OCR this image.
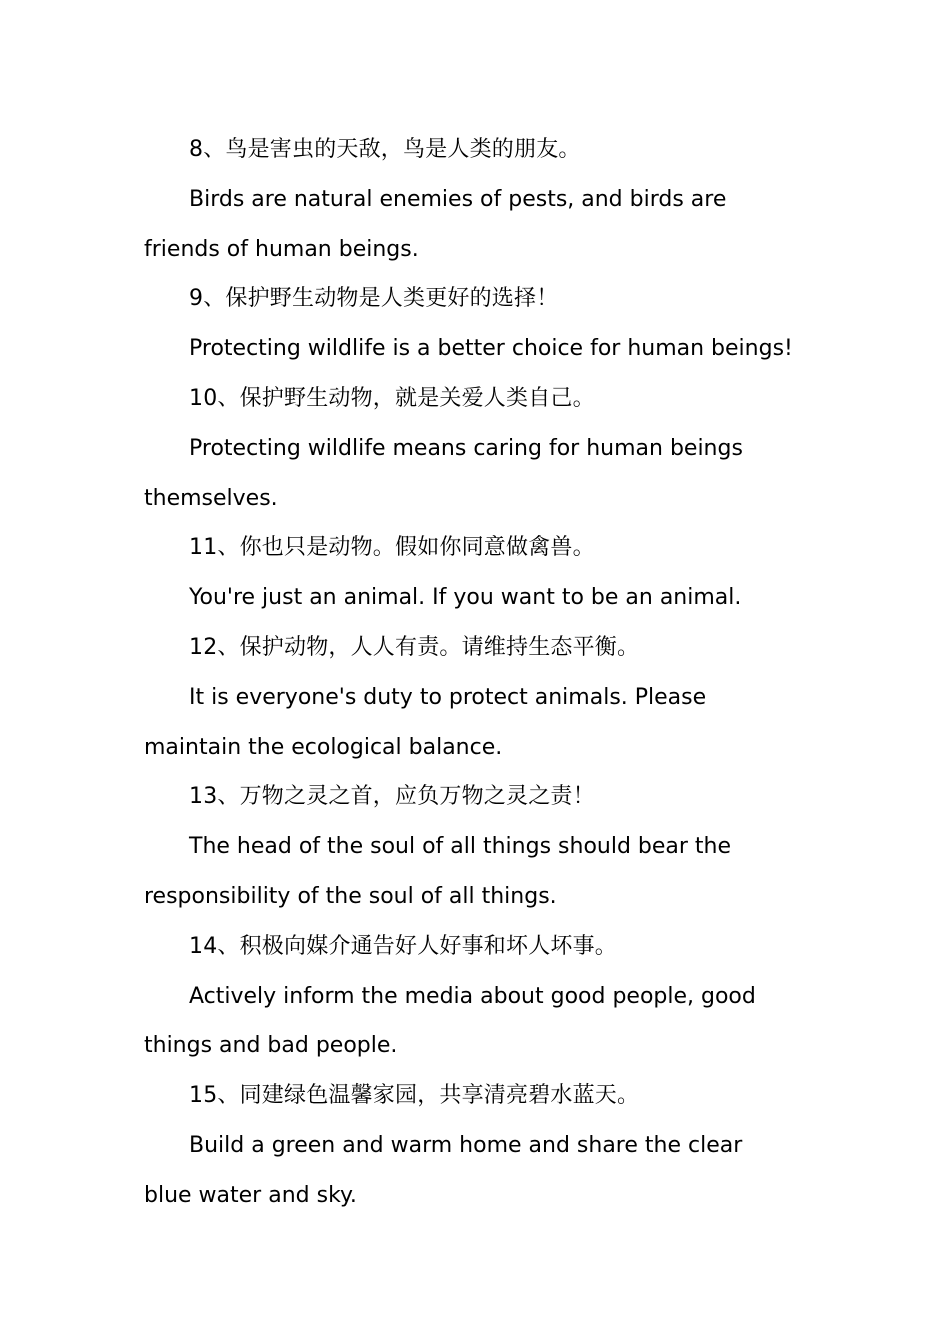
8、鸟是害虫的天敌，鸟是人类的朋友。

Birds are natural enemies of pests, and birds are friends of human beings.

9、保护野生动物是人类更好的选择！

Protecting wildlife is a better choice for human beings!

10、保护野生动物，就是关爱人类自己。

Protecting wildlife means caring for human beings themselves.

11、你也只是动物。假如你同意做禽兽。

You're just an animal. If you want to be an animal.

12、保护动物，人人有责。请维持生态平衡。

It is everyone's duty to protect animals. Please maintain the ecological balance.

13、万物之灵之首，应负万物之灵之责！

The head of the soul of all things should bear the responsibility of the soul of all things.

14、积极向媒介通告好人好事和坏人坏事。

Actively inform the media about good people, good things and bad people.

15、同建绿色温馨家园，共享清亮碧水蓝天。

Build a green and warm home and share the clear blue water and sky.
